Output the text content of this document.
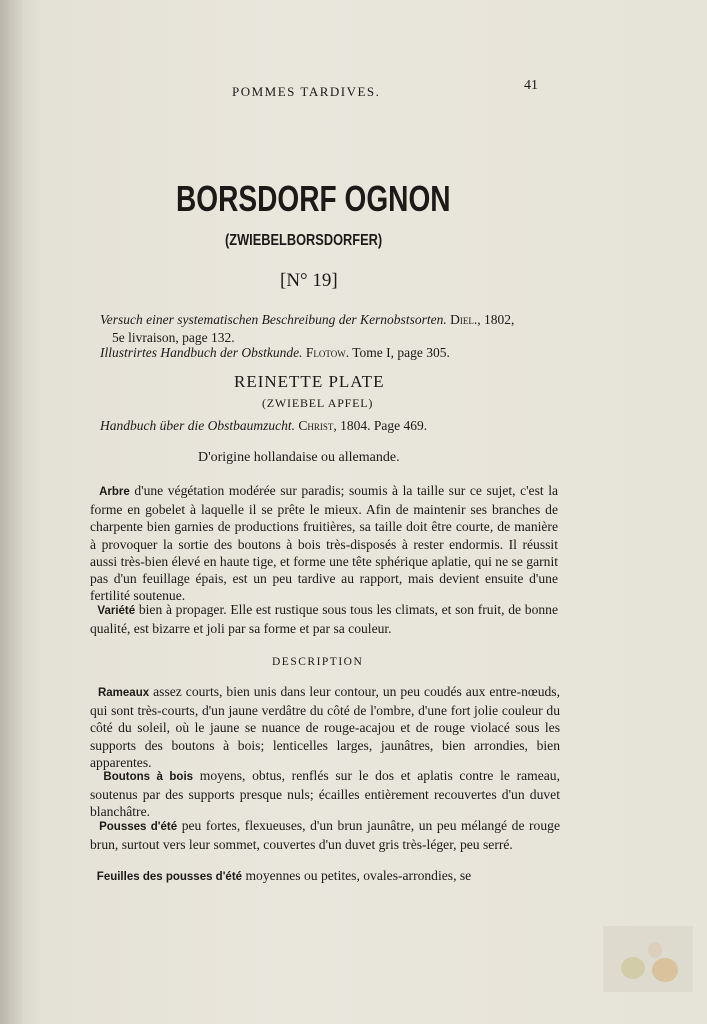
POMMES TARDIVES.	41
BORSDORF OGNON
(ZWIEBELBORSDORFER)
[N° 19]
Versuch einer systematischen Beschreibung der Kernobstsorten. Diel., 1802,
5e livraison, page 132.
Illustrirtes Handbuch der Obstkunde. Flotow. Tome I, page 305.
REINETTE PLATE
(ZWIEBEL APFEL)
Handbuch über die Obstbaumzucht. Christ, 1804. Page 469.
D'origine hollandaise ou allemande.
Arbre d'une végétation modérée sur paradis; soumis à la taille sur ce sujet, c'est la forme en gobelet à laquelle il se prête le mieux. Afin de maintenir ses branches de charpente bien garnies de productions fruitières, sa taille doit être courte, de manière à provoquer la sortie des boutons à bois très-disposés à rester endormis. Il réussit aussi très-bien élevé en haute tige, et forme une tête sphérique aplatie, qui ne se garnit pas d'un feuillage épais, est un peu tardive au rapport, mais devient ensuite d'une fertilité soutenue.
Variété bien à propager. Elle est rustique sous tous les climats, et son fruit, de bonne qualité, est bizarre et joli par sa forme et par sa couleur.
DESCRIPTION
Rameaux assez courts, bien unis dans leur contour, un peu coudés aux entre-nœuds, qui sont très-courts, d'un jaune verdâtre du côté de l'ombre, d'une fort jolie couleur du côté du soleil, où le jaune se nuance de rouge-acajou et de rouge violacé sous les supports des boutons à bois; lenticelles larges, jaunâtres, bien arrondies, bien apparentes.
Boutons à bois moyens, obtus, renflés sur le dos et aplatis contre le rameau, soutenus par des supports presque nuls; écailles entièrement recouvertes d'un duvet blanchâtre.
Pousses d'été peu fortes, flexueuses, d'un brun jaunâtre, un peu mélangé de rouge brun, surtout vers leur sommet, couvertes d'un duvet gris très-léger, peu serré.
Feuilles des pousses d'été moyennes ou petites, ovales-arrondies, se
